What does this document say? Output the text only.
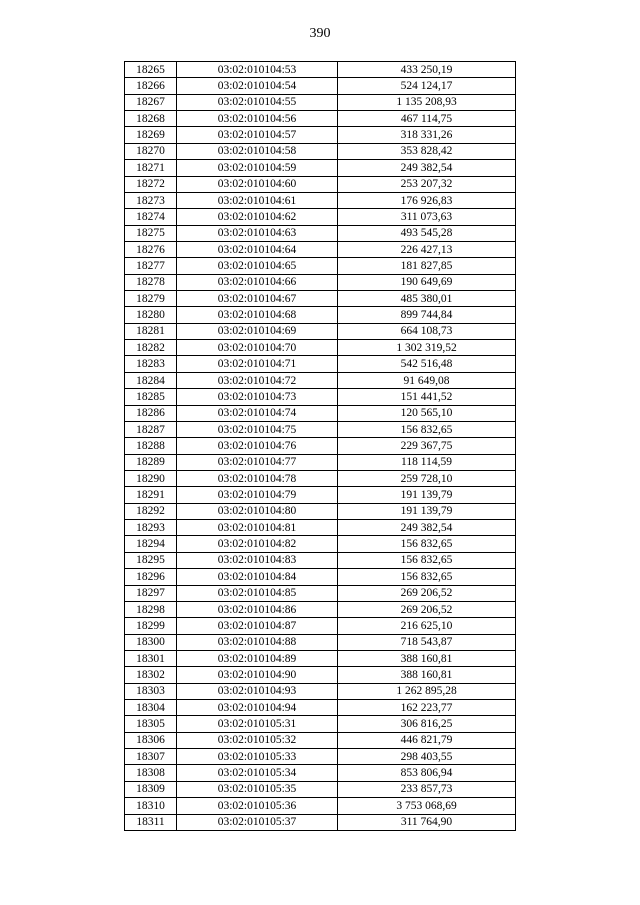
390
18265	03:02:010104:53	433 250,19
18266	03:02:010104:54	524 124,17
18267	03:02:010104:55	1 135 208,93
18268	03:02:010104:56	467 114,75
18269	03:02:010104:57	318 331,26
18270	03:02:010104:58	353 828,42
18271	03:02:010104:59	249 382,54
18272	03:02:010104:60	253 207,32
18273	03:02:010104:61	176 926,83
18274	03:02:010104:62	311 073,63
18275	03:02:010104:63	493 545,28
18276	03:02:010104:64	226 427,13
18277	03:02:010104:65	181 827,85
18278	03:02:010104:66	190 649,69
18279	03:02:010104:67	485 380,01
18280	03:02:010104:68	899 744,84
18281	03:02:010104:69	664 108,73
18282	03:02:010104:70	1 302 319,52
18283	03:02:010104:71	542 516,48
18284	03:02:010104:72	91 649,08
18285	03:02:010104:73	151 441,52
18286	03:02:010104:74	120 565,10
18287	03:02:010104:75	156 832,65
18288	03:02:010104:76	229 367,75
18289	03:02:010104:77	118 114,59
18290	03:02:010104:78	259 728,10
18291	03:02:010104:79	191 139,79
18292	03:02:010104:80	191 139,79
18293	03:02:010104:81	249 382,54
18294	03:02:010104:82	156 832,65
18295	03:02:010104:83	156 832,65
18296	03:02:010104:84	156 832,65
18297	03:02:010104:85	269 206,52
18298	03:02:010104:86	269 206,52
18299	03:02:010104:87	216 625,10
18300	03:02:010104:88	718 543,87
18301	03:02:010104:89	388 160,81
18302	03:02:010104:90	388 160,81
18303	03:02:010104:93	1 262 895,28
18304	03:02:010104:94	162 223,77
18305	03:02:010105:31	306 816,25
18306	03:02:010105:32	446 821,79
18307	03:02:010105:33	298 403,55
18308	03:02:010105:34	853 806,94
18309	03:02:010105:35	233 857,73
18310	03:02:010105:36	3 753 068,69
18311	03:02:010105:37	311 764,90
